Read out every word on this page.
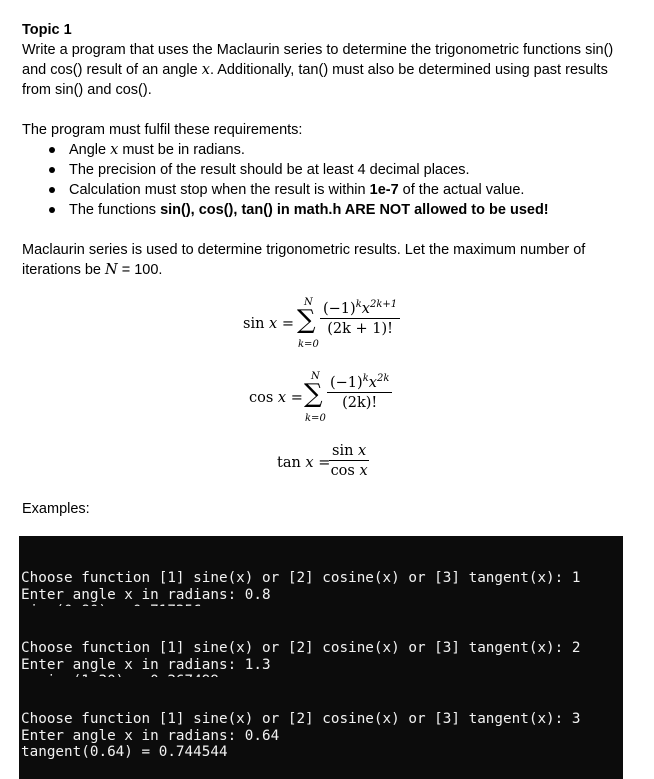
Topic 1

Write a program that uses the Maclaurin series to determine the trigonometric functions sin() and cos() result of an angle x. Additionally, tan() must also be determined using past results from sin() and cos().

The program must fulfil these requirements:

Angle x must be in radians.
The precision of the result should be at least 4 decimal places.
Calculation must stop when the result is within 1e-7 of the actual value.
The functions sin(), cos(), tan() in math.h ARE NOT allowed to be used!

Maclaurin series is used to determine trigonometric results. Let the maximum number of iterations be N = 100.

sin x =
N
∑
k=0
$\frac{(-1)^kx^{2k+1}}{(2k + 1)!}$
cos x =
N
∑
k=0
$\frac{(-1)^kx^{2k}}{(2k)!}$
tan x =
$\frac{\text{sin x}}{\text{cos x}}$
Examples:

Choose function [1] sine(x) or [2] cosine(x) or [3] tangent(x): 1
Enter angle x in radians: 0.8

Choose function [1] sine(x) or [2] cosine(x) or [3] tangent(x): 2
Enter angle x in radians: 1.3

Choose function [1] sine(x) or [2] cosine(x) or [3] tangent(x): 3
Enter angle x in radians: 0.64
tangent(0.64) = 0.744544
